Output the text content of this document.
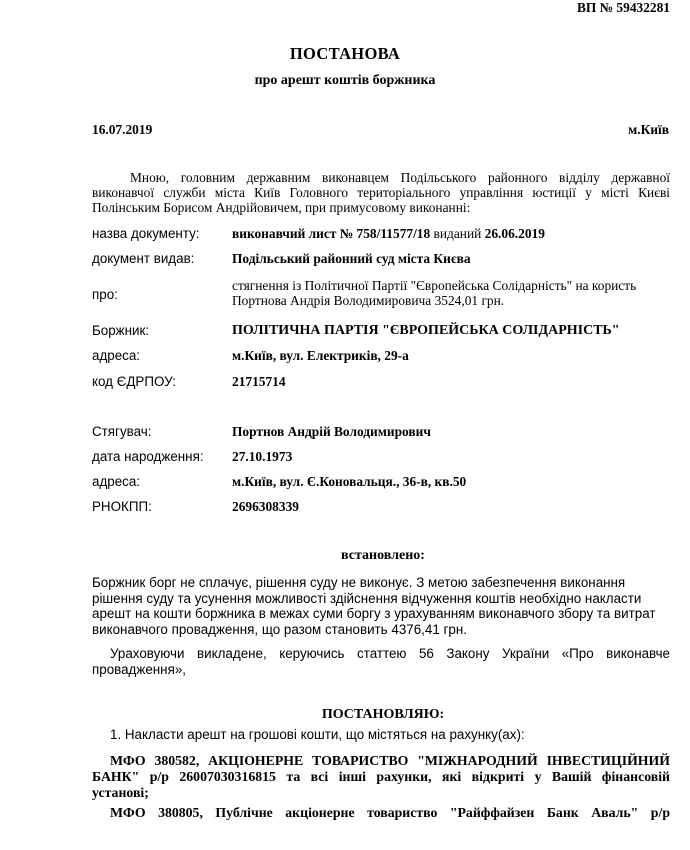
ВП № 59432281
ПОСТАНОВА
про арешт коштів боржника
16.07.2019	м.Київ
Мною, головним державним виконавцем Подільського районного відділу державної
виконавчої служби міста Київ Головного територіального управління юстиції у місті Києві
Полінським Борисом Андрійовичем, при примусовому виконанні:
назва документу: виконавчий лист № 758/11577/18 виданий 26.06.2019
документ видав:	Подільський районний суд міста Києва
про:
стягнення із Політичної Партії "Європейська Солідарність" на користь
Портнова Андрія Володимировича 3524,01 грн.
Боржник:	ПОЛІТИЧНА ПАРТІЯ "ЄВРОПЕЙСЬКА СОЛІДАРНІСТЬ"
адреса:	м.Київ, вул. Електриків, 29-а
код ЄДРПОУ:	21715714
Стягувач:	Портнов Андрій Володимирович
дата народження: 27.10.1973
адреса:	м.Київ, вул. Є.Коновальця., 36-в, кв.50
РНОКПП:	2696308339
встановлено:
Боржник борг не сплачує, рішення суду не виконує. З метою забезпечення виконання
рішення суду та усунення можливості здійснення відчуження коштів необхідно накласти
арешт на кошти боржника в межах суми боргу з урахуванням виконавчого збору та витрат
виконавчого провадження, що разом становить 4376,41 грн.
Ураховуючи викладене, керуючись статтею 56 Закону України «Про виконавче
провадження»,
ПОСТАНОВЛЯЮ:
1. Накласти арешт на грошові кошти, що містяться на рахунку(ах):
МФО 380582, АКЦІОНЕРНЕ ТОВАРИСТВО "МІЖНАРОДНИЙ ІНВЕСТИЦІЙНИЙ
БАНК" р/р 26007030316815 та всі інші рахунки, які відкриті у Вашій фінансовій
установі;
МФО 380805, Публічне акціонерне товариство "Райффайзен Банк Аваль" р/р
